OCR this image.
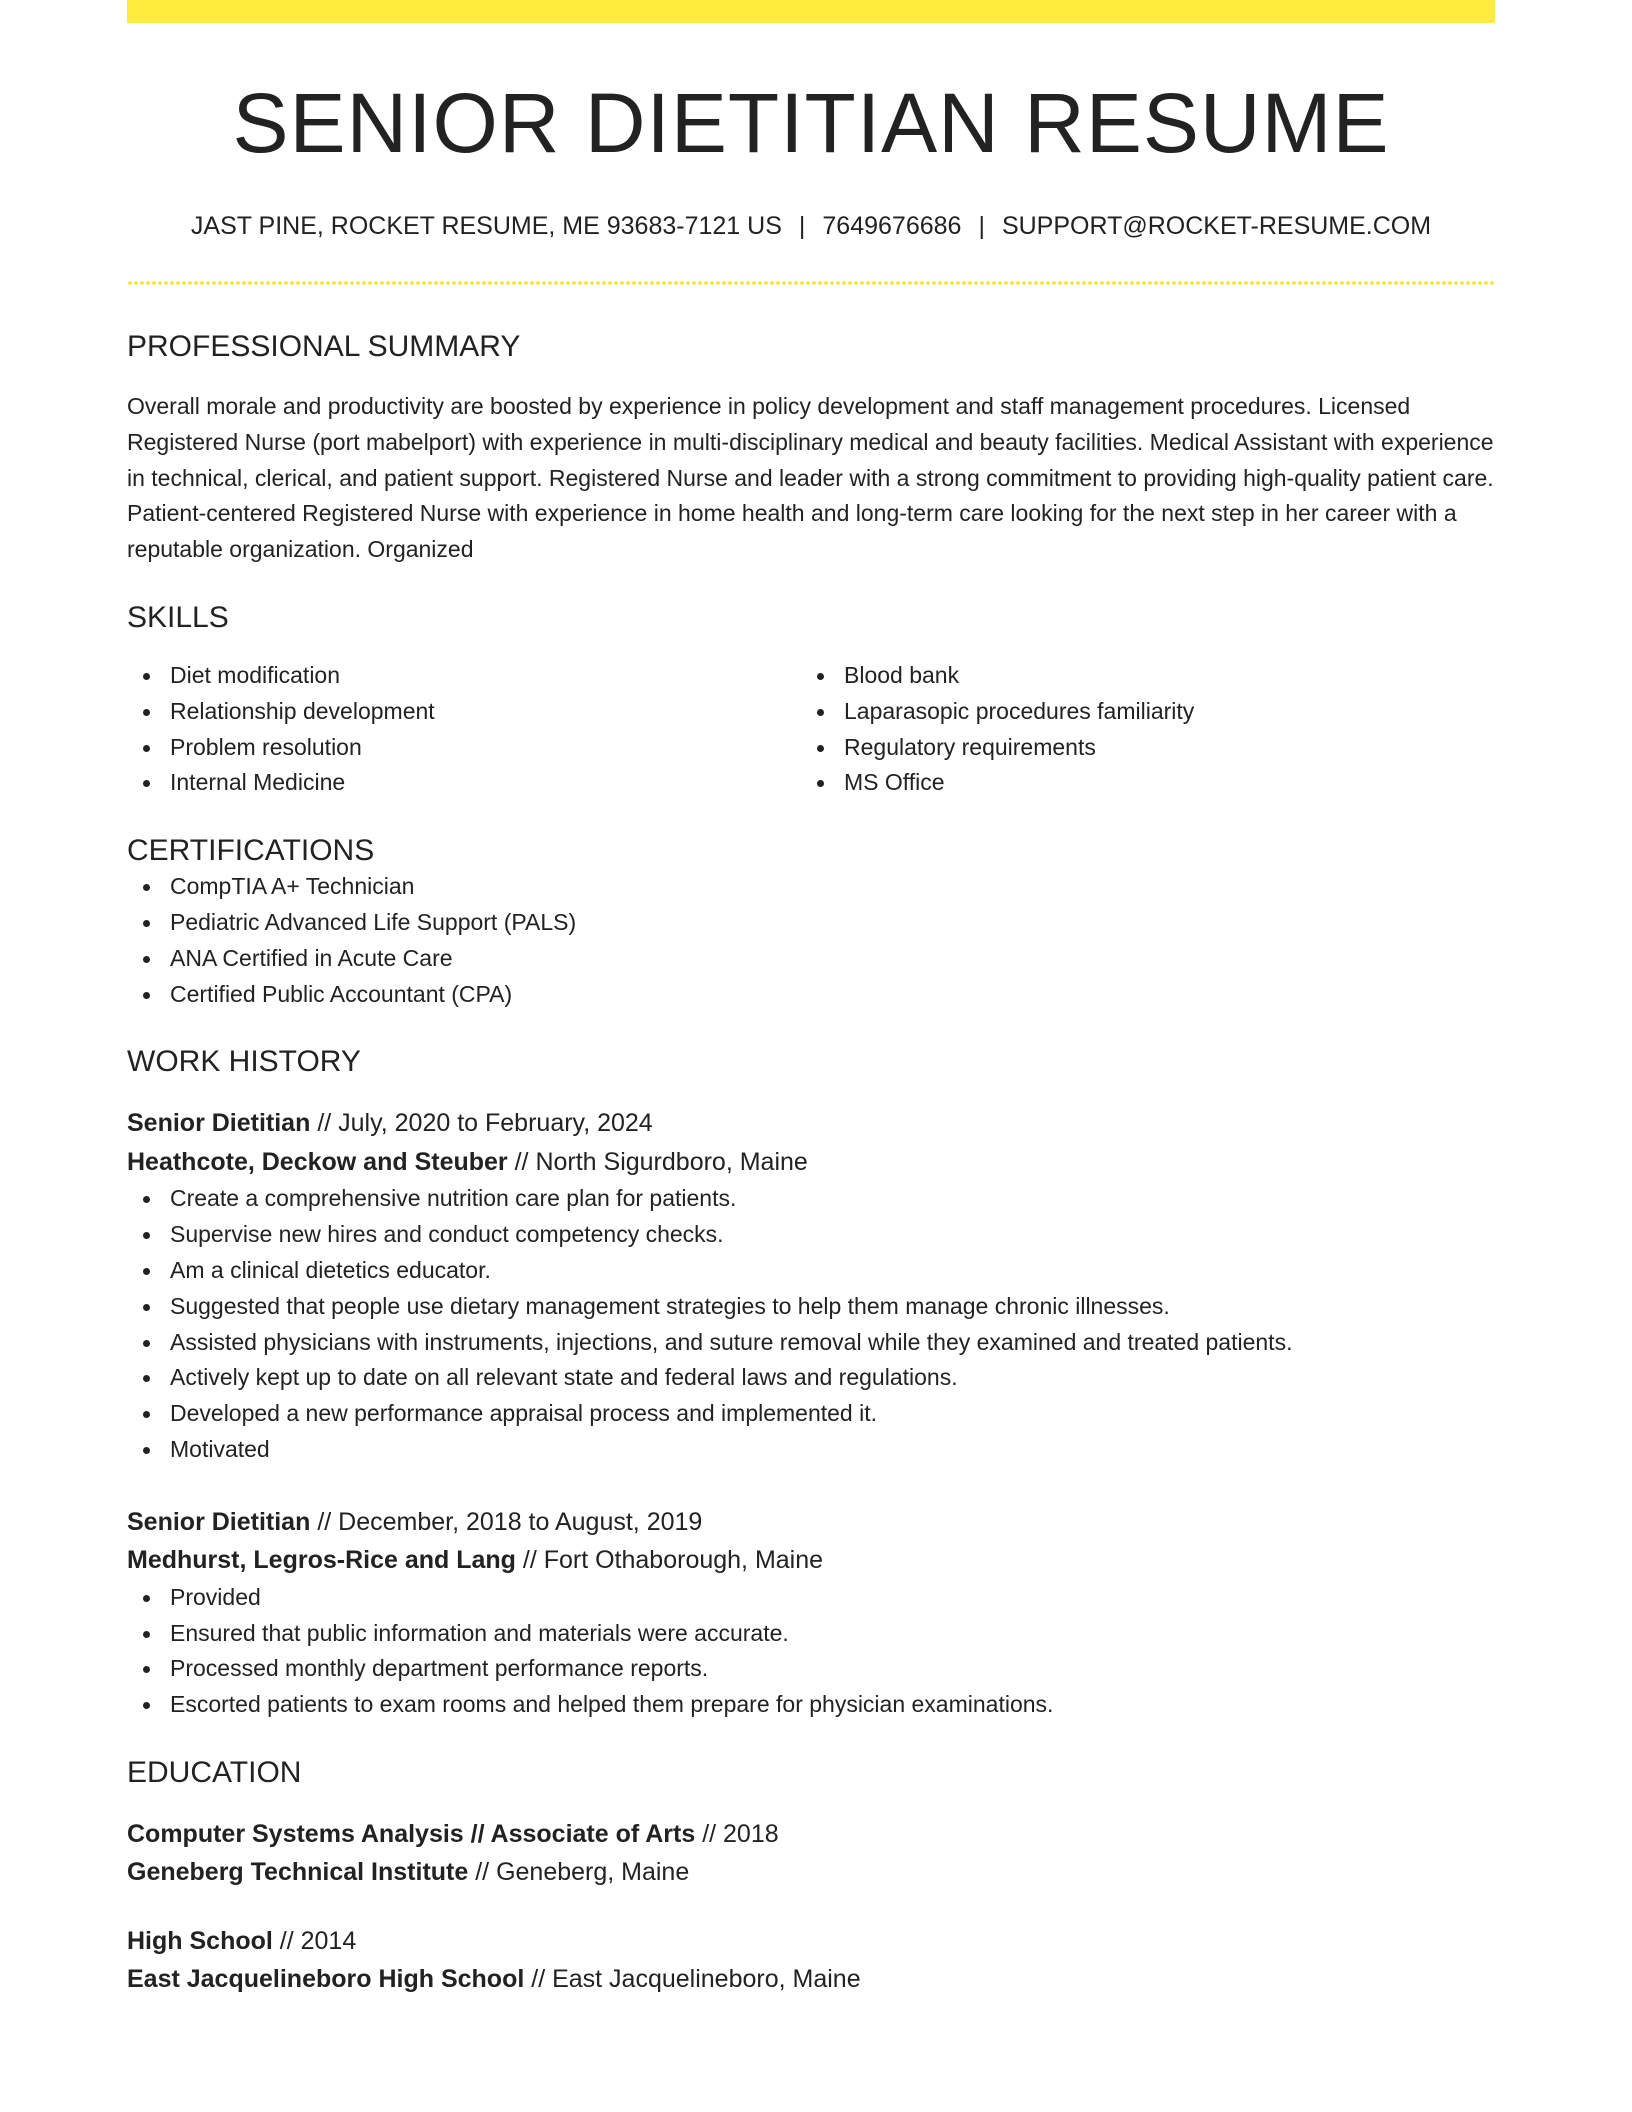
SENIOR DIETITIAN RESUME
JAST PINE, ROCKET RESUME, ME 93683-7121 US | 7649676686 | SUPPORT@ROCKET-RESUME.COM
PROFESSIONAL SUMMARY

Overall morale and productivity are boosted by experience in policy development and staff management procedures. Licensed Registered Nurse (port mabelport) with experience in multi-disciplinary medical and beauty facilities. Medical Assistant with experience in technical, clerical, and patient support. Registered Nurse and leader with a strong commitment to providing high-quality patient care. Patient-centered Registered Nurse with experience in home health and long-term care looking for the next step in her career with a reputable organization. Organized

SKILLS
Diet modification
Relationship development
Problem resolution
Internal Medicine
Blood bank
Laparasopic procedures familiarity
Regulatory requirements
MS Office
CERTIFICATIONS
CompTIA A+ Technician
Pediatric Advanced Life Support (PALS)
ANA Certified in Acute Care
Certified Public Accountant (CPA)
WORK HISTORY
Senior Dietitian // July, 2020 to February, 2024
Heathcote, Deckow and Steuber // North Sigurdboro, Maine
Create a comprehensive nutrition care plan for patients.
Supervise new hires and conduct competency checks.
Am a clinical dietetics educator.
Suggested that people use dietary management strategies to help them manage chronic illnesses.
Assisted physicians with instruments, injections, and suture removal while they examined and treated patients.
Actively kept up to date on all relevant state and federal laws and regulations.
Developed a new performance appraisal process and implemented it.
Motivated
Senior Dietitian // December, 2018 to August, 2019
Medhurst, Legros-Rice and Lang // Fort Othaborough, Maine
Provided
Ensured that public information and materials were accurate.
Processed monthly department performance reports.
Escorted patients to exam rooms and helped them prepare for physician examinations.
EDUCATION
Computer Systems Analysis // Associate of Arts // 2018
Geneberg Technical Institute // Geneberg, Maine
High School // 2014
East Jacquelineboro High School // East Jacquelineboro, Maine
